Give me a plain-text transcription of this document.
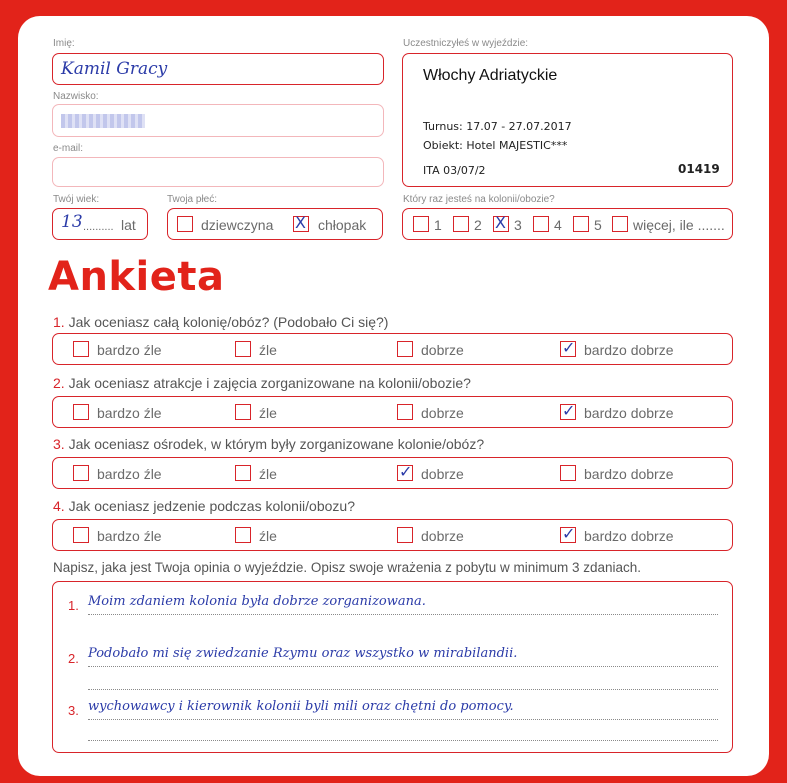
Imię:
Kamil Gracy
Nazwisko:
e-mail:
Twój wiek:
13 .......... lat
Twoja płeć:
dziewczyna X chłopak
Uczestniczyłeś w wyjeździe:
Włochy Adriatyckie
Turnus: 17.07 - 27.07.2017
Obiekt: Hotel MAJESTIC***
ITA 03/07/2	01419
Który raz jesteś na kolonii/obozie?
1 2 X 3 4 5 więcej, ile .......
Ankieta
1. Jak oceniasz całą kolonię/obóz? (Podobało Ci się?)
bardzo źle	źle	dobrze	✓ bardzo dobrze
2. Jak oceniasz atrakcje i zajęcia zorganizowane na kolonii/obozie?
bardzo źle	źle	dobrze	✓ bardzo dobrze
3. Jak oceniasz ośrodek, w którym były zorganizowane kolonie/obóz?
bardzo źle	źle	✓ dobrze	bardzo dobrze
4. Jak oceniasz jedzenie podczas kolonii/obozu?
bardzo źle	źle	dobrze	✓ bardzo dobrze
Napisz, jaka jest Twoja opinia o wyjeździe. Opisz swoje wrażenia z pobytu w minimum 3 zdaniach.
1. Moim zdaniem kolonia była dobrze zorganizowana.
2. Podobało mi się zwiedzanie Rzymu oraz wszystko w mirabilandii.
3. wychowawcy i kierownik kolonii byli mili oraz chętni do pomocy.
